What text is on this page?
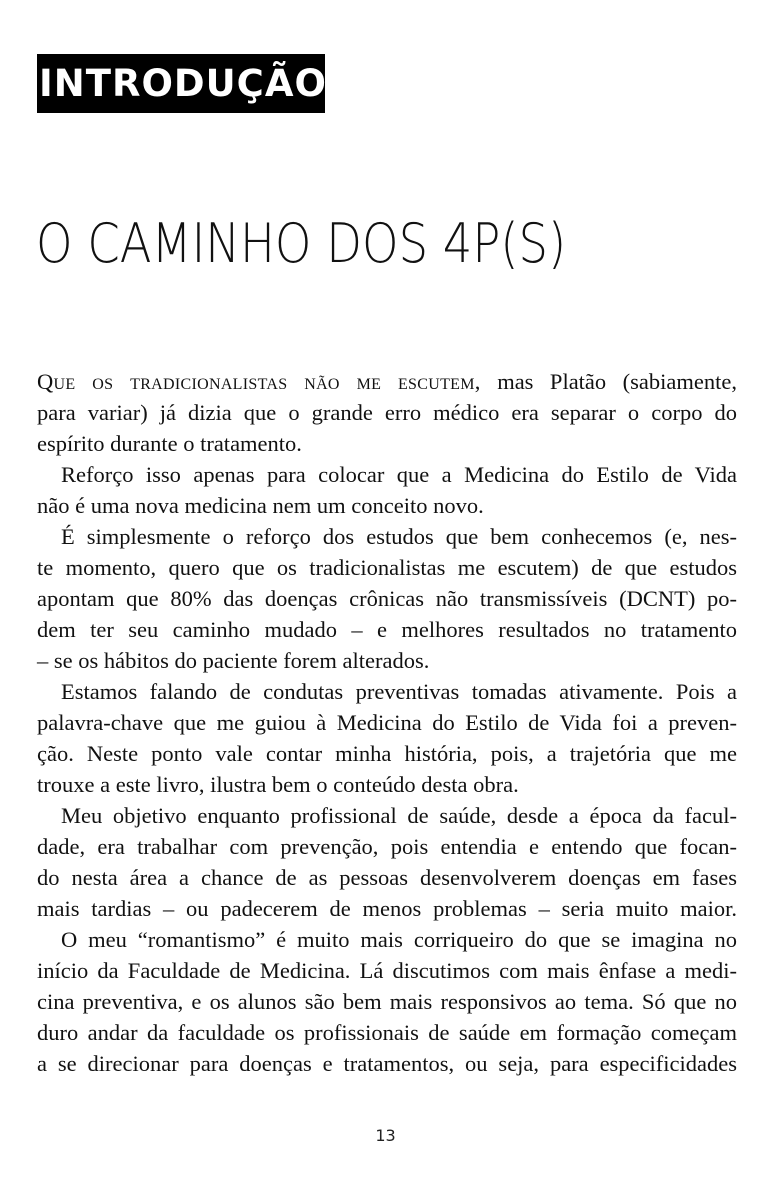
INTRODUÇÃO
O CAMINHO DOS 4P(S)
Que os tradicionalistas não me escutem, mas Platão (sabiamente,
para variar) já dizia que o grande erro médico era separar o corpo do
espírito durante o tratamento.
Reforço isso apenas para colocar que a Medicina do Estilo de Vida
não é uma nova medicina nem um conceito novo.
É simplesmente o reforço dos estudos que bem conhecemos (e, nes-
te momento, quero que os tradicionalistas me escutem) de que estudos
apontam que 80% das doenças crônicas não transmissíveis (DCNT) po-
dem ter seu caminho mudado – e melhores resultados no tratamento
– se os hábitos do paciente forem alterados.
Estamos falando de condutas preventivas tomadas ativamente. Pois a
palavra-chave que me guiou à Medicina do Estilo de Vida foi a preven-
ção. Neste ponto vale contar minha história, pois, a trajetória que me
trouxe a este livro, ilustra bem o conteúdo desta obra.
Meu objetivo enquanto profissional de saúde, desde a época da facul-
dade, era trabalhar com prevenção, pois entendia e entendo que focan-
do nesta área a chance de as pessoas desenvolverem doenças em fases
mais tardias – ou padecerem de menos problemas – seria muito maior.
O meu “romantismo” é muito mais corriqueiro do que se imagina no
início da Faculdade de Medicina. Lá discutimos com mais ênfase a medi-
cina preventiva, e os alunos são bem mais responsivos ao tema. Só que no
duro andar da faculdade os profissionais de saúde em formação começam
a se direcionar para doenças e tratamentos, ou seja, para especificidades
13
